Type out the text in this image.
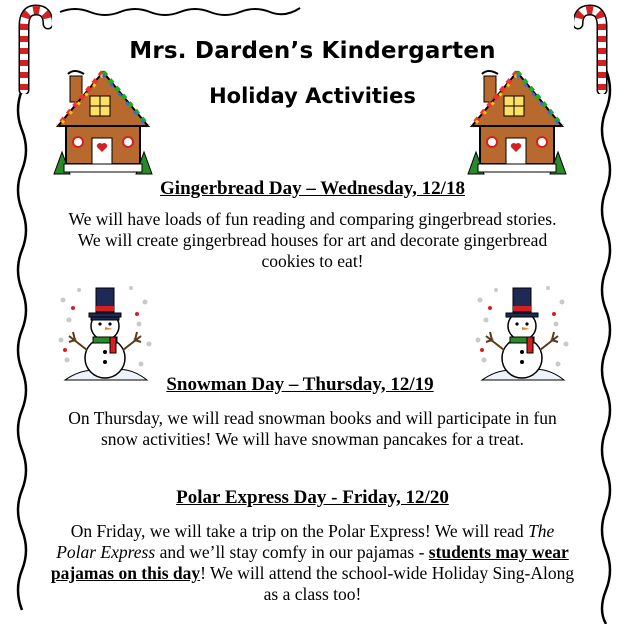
Mrs. Darden’s Kindergarten
Holiday Activities
Gingerbread Day – Wednesday, 12/18
We will have loads of fun reading and comparing gingerbread stories.
We will create gingerbread houses for art and decorate gingerbread
cookies to eat!
Snowman Day – Thursday, 12/19
On Thursday, we will read snowman books and will participate in fun
snow activities! We will have snowman pancakes for a treat.
Polar Express Day - Friday, 12/20
On Friday, we will take a trip on the Polar Express! We will read The
Polar Express and we’ll stay comfy in our pajamas - students may wear
pajamas on this day! We will attend the school-wide Holiday Sing-Along
as a class too!
